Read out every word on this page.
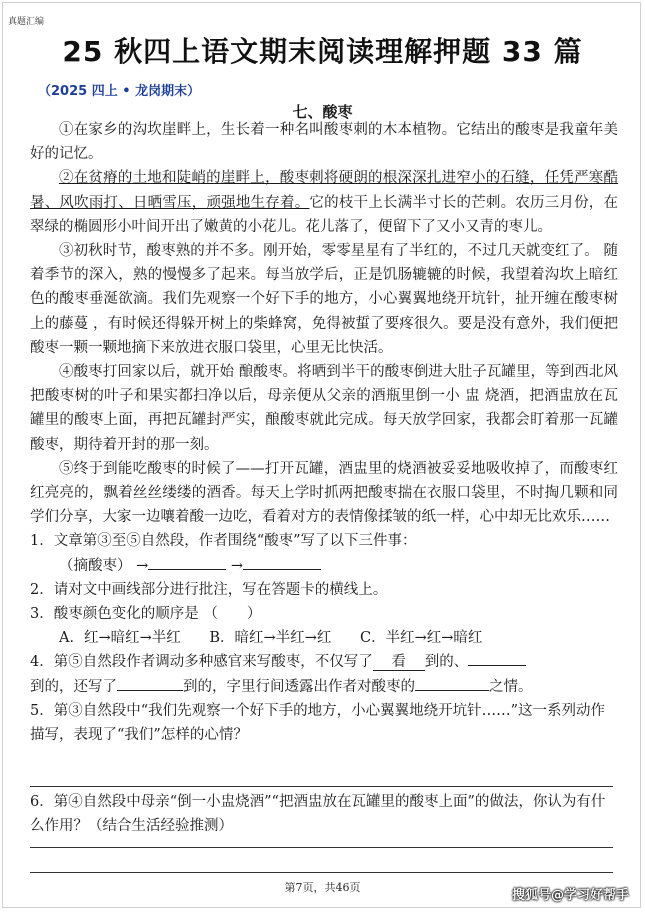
真题汇编
25 秋四上语文期末阅读理解押题 33 篇
（2025 四上 • 龙岗期末）
七、酸枣
①在家乡的沟坎崖畔上，生长着一种名叫酸枣刺的木本植物。它结出的酸枣是我童年美好的记忆。
②在贫瘠的土地和陡峭的崖畔上，酸枣刺将硬朗的根深深扎进窄小的石缝，任凭严寒酷暑、风吹雨打、日晒雪压，顽强地生存着。它的枝干上长满半寸长的芒刺。农历三月份，在翠绿的椭圆形小叶间开出了嫩黄的小花儿。花儿落了，便留下了又小又青的枣儿。
③初秋时节，酸枣熟的并不多。刚开始，零零星星有了半红的，不过几天就变红了。 随着季节的深入，熟的慢慢多了起来。每当放学后，正是饥肠辘辘的时候，我望着沟坎上暗红色的酸枣垂涎欲滴。我们先观察一个好下手的地方，小心翼翼地绕开坑针，扯开缠在酸枣树上的藤蔓 ，有时候还得躲开树上的柴蜂窝，免得被蜇了要疼很久。要是没有意外，我们便把酸枣一颗一颗地摘下来放进衣服口袋里，心里无比快活。
④酸枣打回家以后，就开始 酿酸枣。将晒到半干的酸枣倒进大肚子瓦罐里，等到西北风把酸枣树的叶子和果实都扫净以后，母亲便从父亲的酒瓶里倒一小 盅 烧酒，把酒盅放在瓦罐里的酸枣上面，再把瓦罐封严实，酿酸枣就此完成。每天放学回家，我都会盯着那一瓦罐酸枣，期待着开封的那一刻。
⑤终于到能吃酸枣的时候了——打开瓦罐，酒盅里的烧酒被妥妥地吸收掉了，而酸枣红红亮亮的，飘着丝丝缕缕的酒香。每天上学时抓两把酸枣揣在衣服口袋里，不时掏几颗和同学们分享，大家一边嚷着酸一边吃，看着对方的表情像揉皱的纸一样，心中却无比欢乐……
1．文章第③至⑤自然段，作者围绕“酸枣”写了以下三件事：
（摘酸枣） →	→
2．请对文中画线部分进行批注，写在答题卡的横线上。
3．酸枣颜色变化的顺序是 （　　）
A．红→暗红→半红 B．暗红→半红→红 C．半红→红→暗红
4．第⑤自然段作者调动多种感官来写酸枣，不仅写了 看 到的、
到的，还写了	到的，字里行间透露出作者对酸枣的	之情。
5．第③自然段中“我们先观察一个好下手的地方，小心翼翼地绕开坑针……”这一系列动作描写，表现了“我们”怎样的心情？
6．第④自然段中母亲“倒一小盅烧酒”“把酒盅放在瓦罐里的酸枣上面”的做法，你认为有什么作用？（结合生活经验推测）
第7页，共46页
搜狐号@学习好帮手
